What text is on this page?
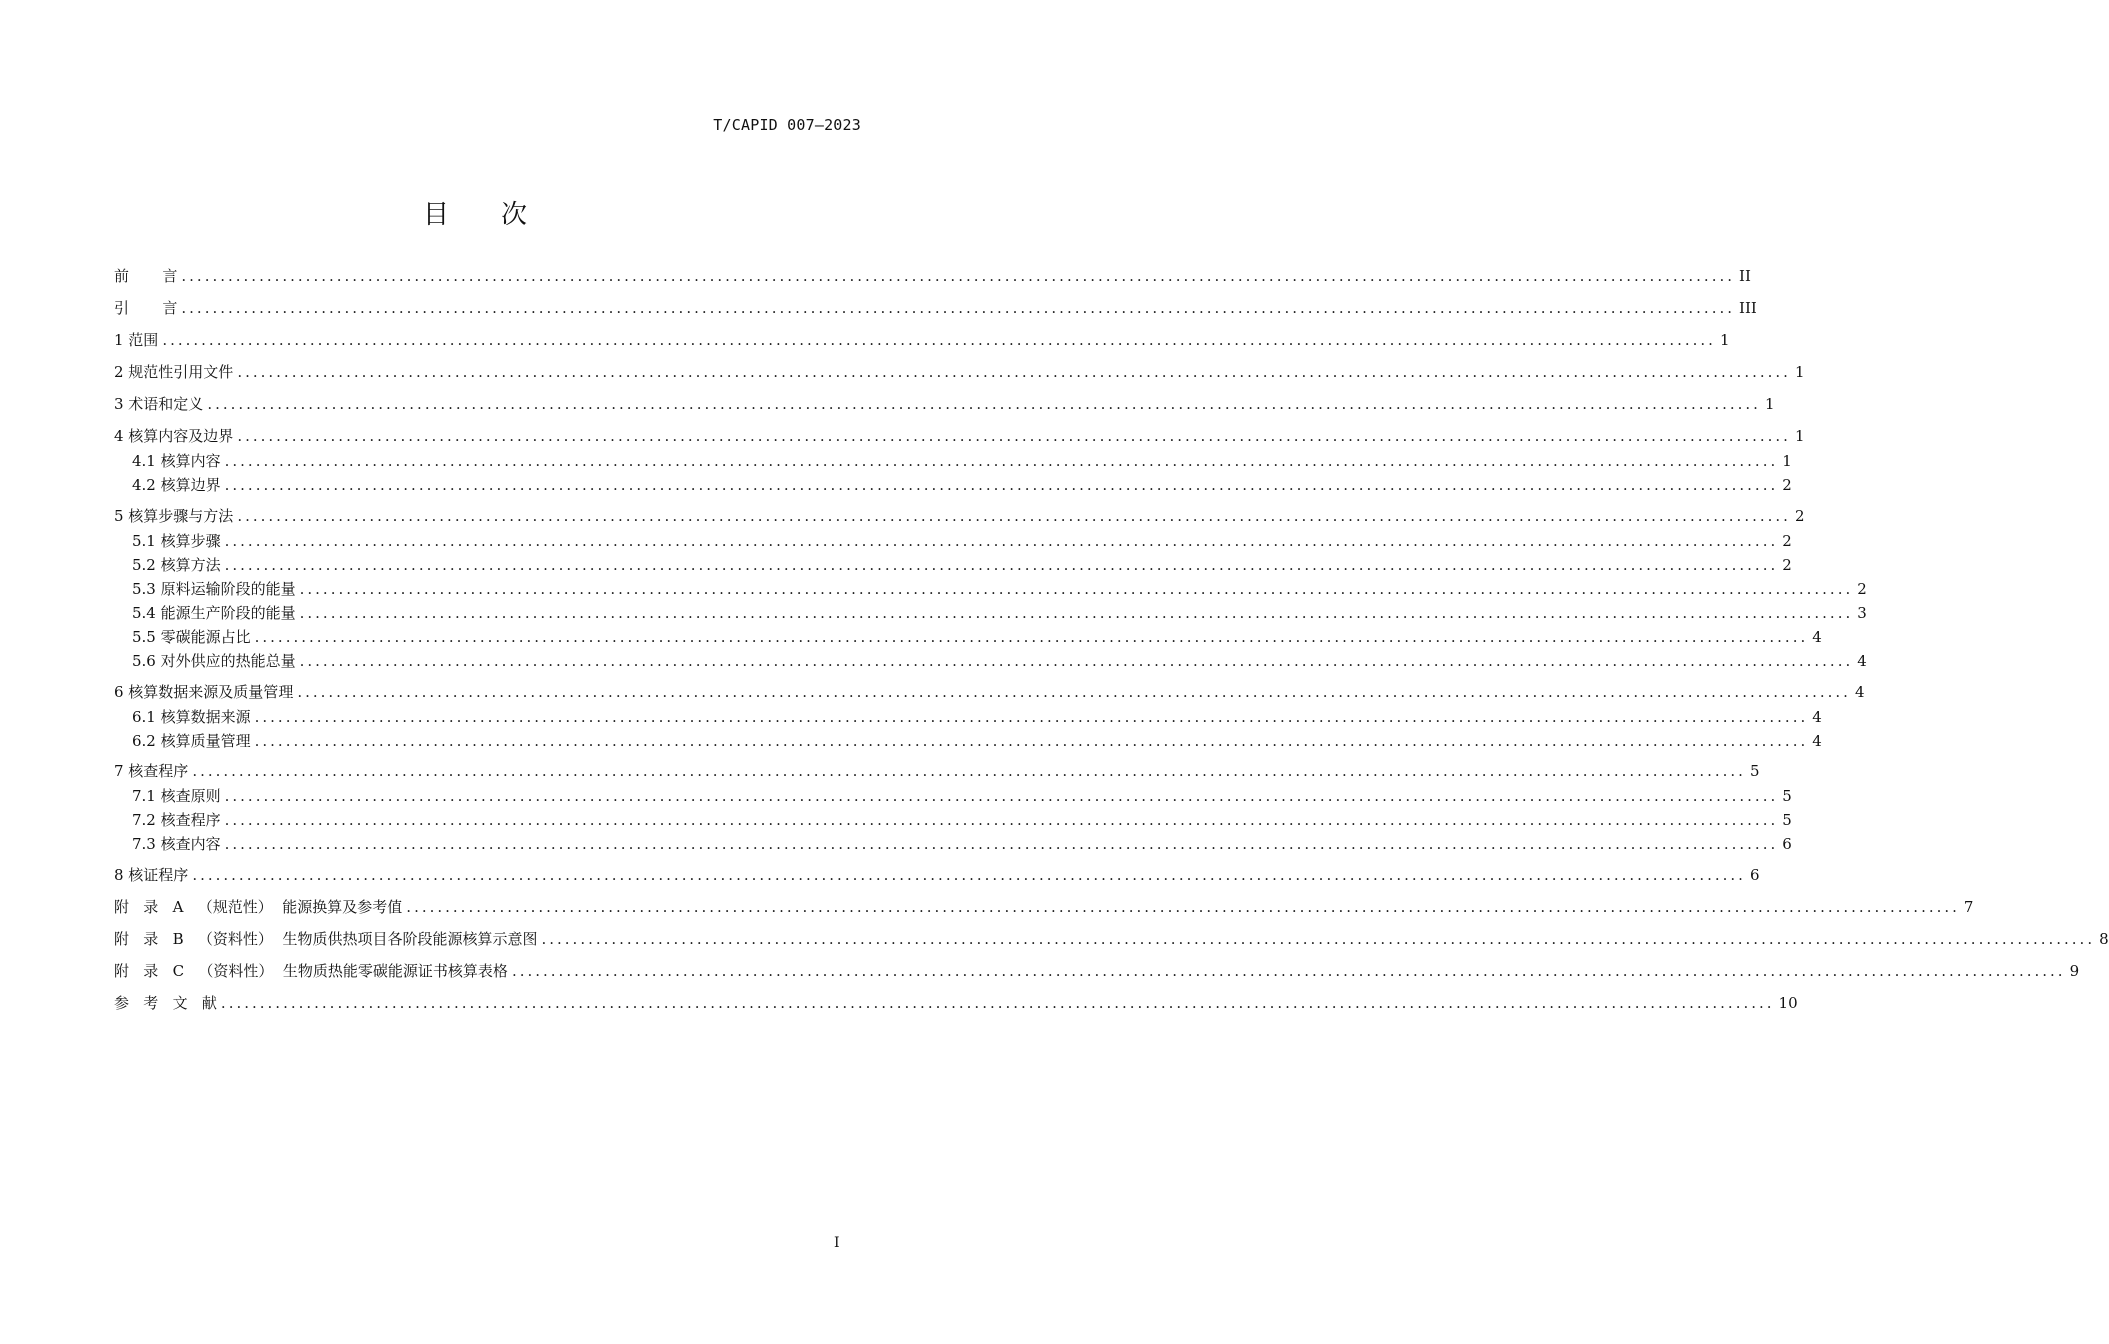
T/CAPID 007—2023
目 次
前       言 ........................................................................................................................................................................................................ II
引       言 ........................................................................................................................................................................................................ III
1 范围 ........................................................................................................................................................................................................ 1
2 规范性引用文件 ........................................................................................................................................................................................................ 1
3 术语和定义 ........................................................................................................................................................................................................ 1
4 核算内容及边界 ........................................................................................................................................................................................................ 1
4.1 核算内容 ........................................................................................................................................................................................................ 1
4.2 核算边界 ........................................................................................................................................................................................................ 2
5 核算步骤与方法 ........................................................................................................................................................................................................ 2
5.1 核算步骤 ........................................................................................................................................................................................................ 2
5.2 核算方法 ........................................................................................................................................................................................................ 2
5.3 原料运输阶段的能量 ........................................................................................................................................................................................................ 2
5.4 能源生产阶段的能量 ........................................................................................................................................................................................................ 3
5.5 零碳能源占比 ........................................................................................................................................................................................................ 4
5.6 对外供应的热能总量 ........................................................................................................................................................................................................ 4
6 核算数据来源及质量管理 ........................................................................................................................................................................................................ 4
6.1 核算数据来源 ........................................................................................................................................................................................................ 4
6.2 核算质量管理 ........................................................................................................................................................................................................ 4
7 核查程序 ........................................................................................................................................................................................................ 5
7.1 核查原则 ........................................................................................................................................................................................................ 5
7.2 核查程序 ........................................................................................................................................................................................................ 5
7.3 核查内容 ........................................................................................................................................................................................................ 6
8 核证程序 ........................................................................................................................................................................................................ 6
附   录   A   （规范性）  能源换算及参考值 ........................................................................................................................................................................................................ 7
附   录   B   （资料性）  生物质供热项目各阶段能源核算示意图 ........................................................................................................................................................................................................ 8
附   录   C   （资料性）  生物质热能零碳能源证书核算表格 ........................................................................................................................................................................................................ 9
参   考   文   献 ........................................................................................................................................................................................................ 10
I
